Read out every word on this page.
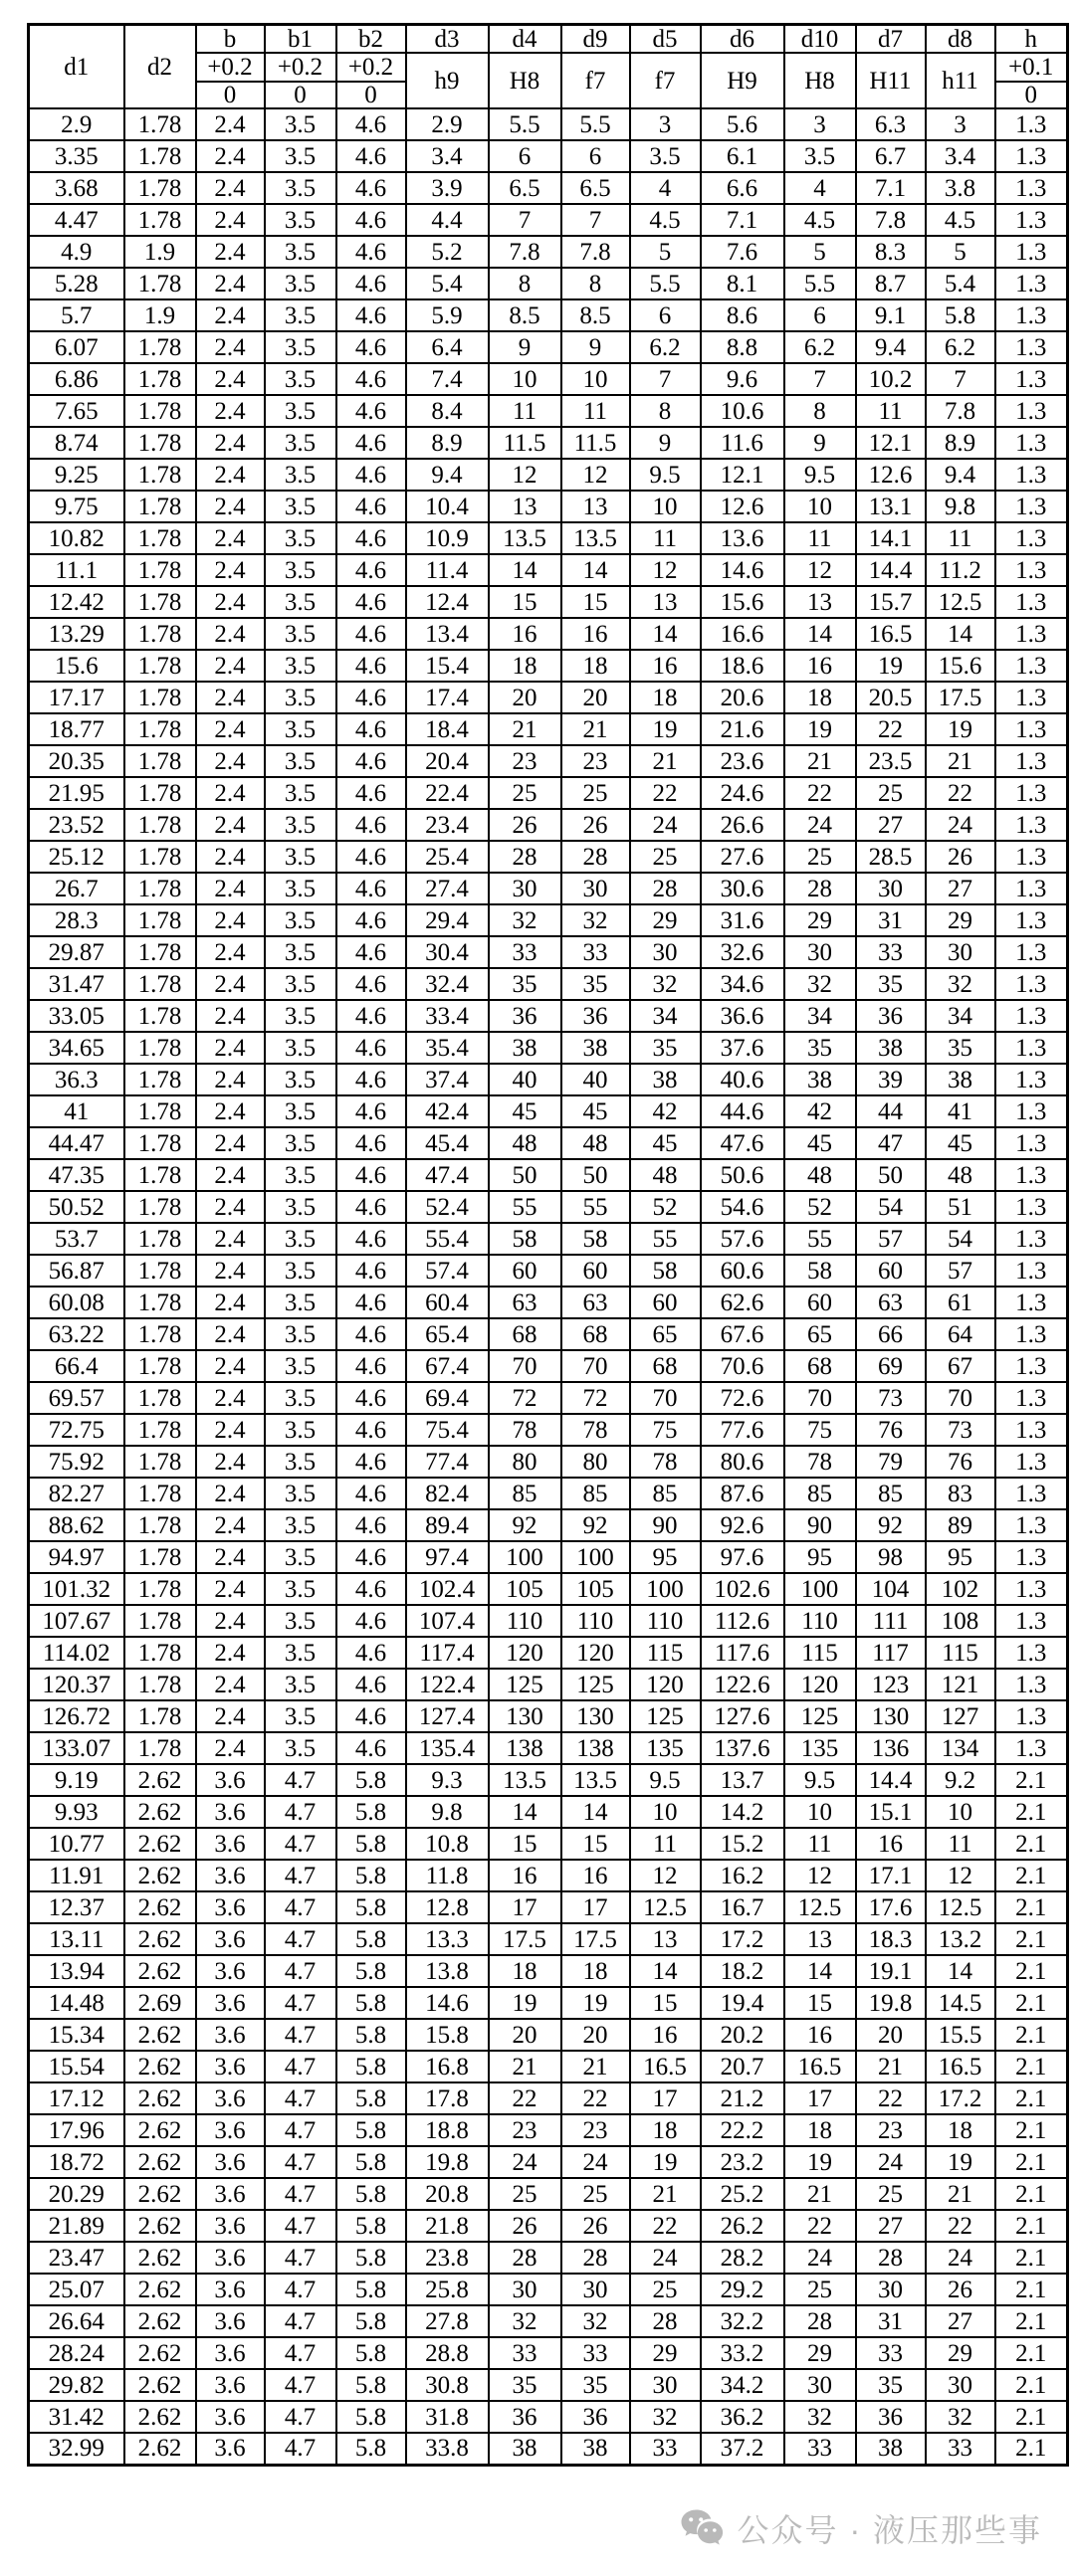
d1	d2	b	b1	b2	d3	d4	d9	d5	d6	d10	d7	d8	h
		+0.2	+0.2	+0.2	h9	H8	f7	f7	H9	H8	H11	h11	+0.1
		0	0	0									0
2.9	1.78	2.4	3.5	4.6	2.9	5.5	5.5	3	5.6	3	6.3	3	1.3
3.35	1.78	2.4	3.5	4.6	3.4	6	6	3.5	6.1	3.5	6.7	3.4	1.3
3.68	1.78	2.4	3.5	4.6	3.9	6.5	6.5	4	6.6	4	7.1	3.8	1.3
4.47	1.78	2.4	3.5	4.6	4.4	7	7	4.5	7.1	4.5	7.8	4.5	1.3
4.9	1.9	2.4	3.5	4.6	5.2	7.8	7.8	5	7.6	5	8.3	5	1.3
5.28	1.78	2.4	3.5	4.6	5.4	8	8	5.5	8.1	5.5	8.7	5.4	1.3
5.7	1.9	2.4	3.5	4.6	5.9	8.5	8.5	6	8.6	6	9.1	5.8	1.3
6.07	1.78	2.4	3.5	4.6	6.4	9	9	6.2	8.8	6.2	9.4	6.2	1.3
6.86	1.78	2.4	3.5	4.6	7.4	10	10	7	9.6	7	10.2	7	1.3
7.65	1.78	2.4	3.5	4.6	8.4	11	11	8	10.6	8	11	7.8	1.3
8.74	1.78	2.4	3.5	4.6	8.9	11.5	11.5	9	11.6	9	12.1	8.9	1.3
9.25	1.78	2.4	3.5	4.6	9.4	12	12	9.5	12.1	9.5	12.6	9.4	1.3
9.75	1.78	2.4	3.5	4.6	10.4	13	13	10	12.6	10	13.1	9.8	1.3
10.82	1.78	2.4	3.5	4.6	10.9	13.5	13.5	11	13.6	11	14.1	11	1.3
11.1	1.78	2.4	3.5	4.6	11.4	14	14	12	14.6	12	14.4	11.2	1.3
12.42	1.78	2.4	3.5	4.6	12.4	15	15	13	15.6	13	15.7	12.5	1.3
13.29	1.78	2.4	3.5	4.6	13.4	16	16	14	16.6	14	16.5	14	1.3
15.6	1.78	2.4	3.5	4.6	15.4	18	18	16	18.6	16	19	15.6	1.3
17.17	1.78	2.4	3.5	4.6	17.4	20	20	18	20.6	18	20.5	17.5	1.3
18.77	1.78	2.4	3.5	4.6	18.4	21	21	19	21.6	19	22	19	1.3
20.35	1.78	2.4	3.5	4.6	20.4	23	23	21	23.6	21	23.5	21	1.3
21.95	1.78	2.4	3.5	4.6	22.4	25	25	22	24.6	22	25	22	1.3
23.52	1.78	2.4	3.5	4.6	23.4	26	26	24	26.6	24	27	24	1.3
25.12	1.78	2.4	3.5	4.6	25.4	28	28	25	27.6	25	28.5	26	1.3
26.7	1.78	2.4	3.5	4.6	27.4	30	30	28	30.6	28	30	27	1.3
28.3	1.78	2.4	3.5	4.6	29.4	32	32	29	31.6	29	31	29	1.3
29.87	1.78	2.4	3.5	4.6	30.4	33	33	30	32.6	30	33	30	1.3
31.47	1.78	2.4	3.5	4.6	32.4	35	35	32	34.6	32	35	32	1.3
33.05	1.78	2.4	3.5	4.6	33.4	36	36	34	36.6	34	36	34	1.3
34.65	1.78	2.4	3.5	4.6	35.4	38	38	35	37.6	35	38	35	1.3
36.3	1.78	2.4	3.5	4.6	37.4	40	40	38	40.6	38	39	38	1.3
41	1.78	2.4	3.5	4.6	42.4	45	45	42	44.6	42	44	41	1.3
44.47	1.78	2.4	3.5	4.6	45.4	48	48	45	47.6	45	47	45	1.3
47.35	1.78	2.4	3.5	4.6	47.4	50	50	48	50.6	48	50	48	1.3
50.52	1.78	2.4	3.5	4.6	52.4	55	55	52	54.6	52	54	51	1.3
53.7	1.78	2.4	3.5	4.6	55.4	58	58	55	57.6	55	57	54	1.3
56.87	1.78	2.4	3.5	4.6	57.4	60	60	58	60.6	58	60	57	1.3
60.08	1.78	2.4	3.5	4.6	60.4	63	63	60	62.6	60	63	61	1.3
63.22	1.78	2.4	3.5	4.6	65.4	68	68	65	67.6	65	66	64	1.3
66.4	1.78	2.4	3.5	4.6	67.4	70	70	68	70.6	68	69	67	1.3
69.57	1.78	2.4	3.5	4.6	69.4	72	72	70	72.6	70	73	70	1.3
72.75	1.78	2.4	3.5	4.6	75.4	78	78	75	77.6	75	76	73	1.3
75.92	1.78	2.4	3.5	4.6	77.4	80	80	78	80.6	78	79	76	1.3
82.27	1.78	2.4	3.5	4.6	82.4	85	85	85	87.6	85	85	83	1.3
88.62	1.78	2.4	3.5	4.6	89.4	92	92	90	92.6	90	92	89	1.3
94.97	1.78	2.4	3.5	4.6	97.4	100	100	95	97.6	95	98	95	1.3
101.32	1.78	2.4	3.5	4.6	102.4	105	105	100	102.6	100	104	102	1.3
107.67	1.78	2.4	3.5	4.6	107.4	110	110	110	112.6	110	111	108	1.3
114.02	1.78	2.4	3.5	4.6	117.4	120	120	115	117.6	115	117	115	1.3
120.37	1.78	2.4	3.5	4.6	122.4	125	125	120	122.6	120	123	121	1.3
126.72	1.78	2.4	3.5	4.6	127.4	130	130	125	127.6	125	130	127	1.3
133.07	1.78	2.4	3.5	4.6	135.4	138	138	135	137.6	135	136	134	1.3
9.19	2.62	3.6	4.7	5.8	9.3	13.5	13.5	9.5	13.7	9.5	14.4	9.2	2.1
9.93	2.62	3.6	4.7	5.8	9.8	14	14	10	14.2	10	15.1	10	2.1
10.77	2.62	3.6	4.7	5.8	10.8	15	15	11	15.2	11	16	11	2.1
11.91	2.62	3.6	4.7	5.8	11.8	16	16	12	16.2	12	17.1	12	2.1
12.37	2.62	3.6	4.7	5.8	12.8	17	17	12.5	16.7	12.5	17.6	12.5	2.1
13.11	2.62	3.6	4.7	5.8	13.3	17.5	17.5	13	17.2	13	18.3	13.2	2.1
13.94	2.62	3.6	4.7	5.8	13.8	18	18	14	18.2	14	19.1	14	2.1
14.48	2.69	3.6	4.7	5.8	14.6	19	19	15	19.4	15	19.8	14.5	2.1
15.34	2.62	3.6	4.7	5.8	15.8	20	20	16	20.2	16	20	15.5	2.1
15.54	2.62	3.6	4.7	5.8	16.8	21	21	16.5	20.7	16.5	21	16.5	2.1
17.12	2.62	3.6	4.7	5.8	17.8	22	22	17	21.2	17	22	17.2	2.1
17.96	2.62	3.6	4.7	5.8	18.8	23	23	18	22.2	18	23	18	2.1
18.72	2.62	3.6	4.7	5.8	19.8	24	24	19	23.2	19	24	19	2.1
20.29	2.62	3.6	4.7	5.8	20.8	25	25	21	25.2	21	25	21	2.1
21.89	2.62	3.6	4.7	5.8	21.8	26	26	22	26.2	22	27	22	2.1
23.47	2.62	3.6	4.7	5.8	23.8	28	28	24	28.2	24	28	24	2.1
25.07	2.62	3.6	4.7	5.8	25.8	30	30	25	29.2	25	30	26	2.1
26.64	2.62	3.6	4.7	5.8	27.8	32	32	28	32.2	28	31	27	2.1
28.24	2.62	3.6	4.7	5.8	28.8	33	33	29	33.2	29	33	29	2.1
29.82	2.62	3.6	4.7	5.8	30.8	35	35	30	34.2	30	35	30	2.1
31.42	2.62	3.6	4.7	5.8	31.8	36	36	32	36.2	32	36	32	2.1
32.99	2.62	3.6	4.7	5.8	33.8	38	38	33	37.2	33	38	33	2.1
公众号 · 液压那些事
